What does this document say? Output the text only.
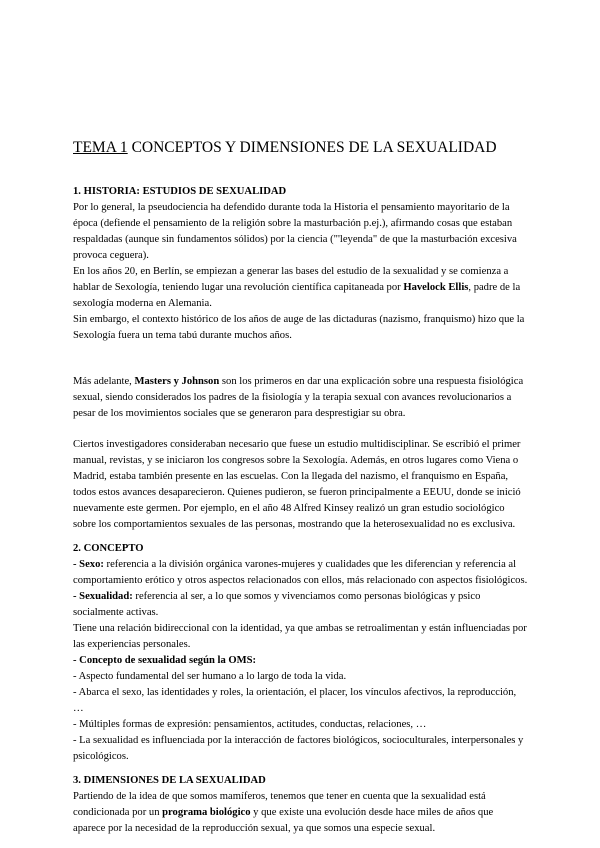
TEMA 1 CONCEPTOS Y DIMENSIONES DE LA SEXUALIDAD

1. HISTORIA: ESTUDIOS DE SEXUALIDAD

Por lo general, la pseudociencia ha defendido durante toda la Historia el pensamiento mayoritario de la época (defiende el pensamiento de la religión sobre la masturbación p.ej.), afirmando cosas que estaban respaldadas (aunque sin fundamentos sólidos) por la ciencia ("'leyenda" de que la masturbación excesiva provoca ceguera).

En los años 20, en Berlín, se empiezan a generar las bases del estudio de la sexualidad y se comienza a hablar de Sexología, teniendo lugar una revolución científica capitaneada por Havelock Ellis, padre de la sexología moderna en Alemania.

Sin embargo, el contexto histórico de los años de auge de las dictaduras (nazismo, franquismo) hizo que la Sexología fuera un tema tabú durante muchos años.

Más adelante, Masters y Johnson son los primeros en dar una explicación sobre una respuesta fisiológica sexual, siendo considerados los padres de la fisiología y la terapia sexual con avances revolucionarios a pesar de los movimientos sociales que se generaron para desprestigiar su obra.

Ciertos investigadores consideraban necesario que fuese un estudio multidisciplinar. Se escribió el primer manual, revistas, y se iniciaron los congresos sobre la Sexología. Además, en otros lugares como Viena o Madrid, estaba también presente en las escuelas. Con la llegada del nazismo, el franquismo en España, todos estos avances desaparecieron. Quienes pudieron, se fueron principalmente a EEUU, donde se inició nuevamente este germen. Por ejemplo, en el año 48 Alfred Kinsey realizó un gran estudio sociológico sobre los comportamientos sexuales de las personas, mostrando que la heterosexualidad no es exclusiva.

2. CONCEPTO

- Sexo: referencia a la división orgánica varones-mujeres y cualidades que les diferencian y referencia al comportamiento erótico y otros aspectos relacionados con ellos, más relacionado con aspectos fisiológicos.

- Sexualidad: referencia al ser, a lo que somos y vivenciamos como personas biológicas y psico socialmente activas.

Tiene una relación bidireccional con la identidad, ya que ambas se retroalimentan y están influenciadas por las experiencias personales.

- Concepto de sexualidad según la OMS:

- Aspecto fundamental del ser humano a lo largo de toda la vida.

- Abarca el sexo, las identidades y roles, la orientación, el placer, los vínculos afectivos, la reproducción, …

- Múltiples formas de expresión: pensamientos, actitudes, conductas, relaciones, …

- La sexualidad es influenciada por la interacción de factores biológicos, socioculturales, interpersonales y psicológicos.

3. DIMENSIONES DE LA SEXUALIDAD

Partiendo de la idea de que somos mamíferos, tenemos que tener en cuenta que la sexualidad está condicionada por un programa biológico y que existe una evolución desde hace miles de años que aparece por la necesidad de la reproducción sexual, ya que somos una especie sexual.
